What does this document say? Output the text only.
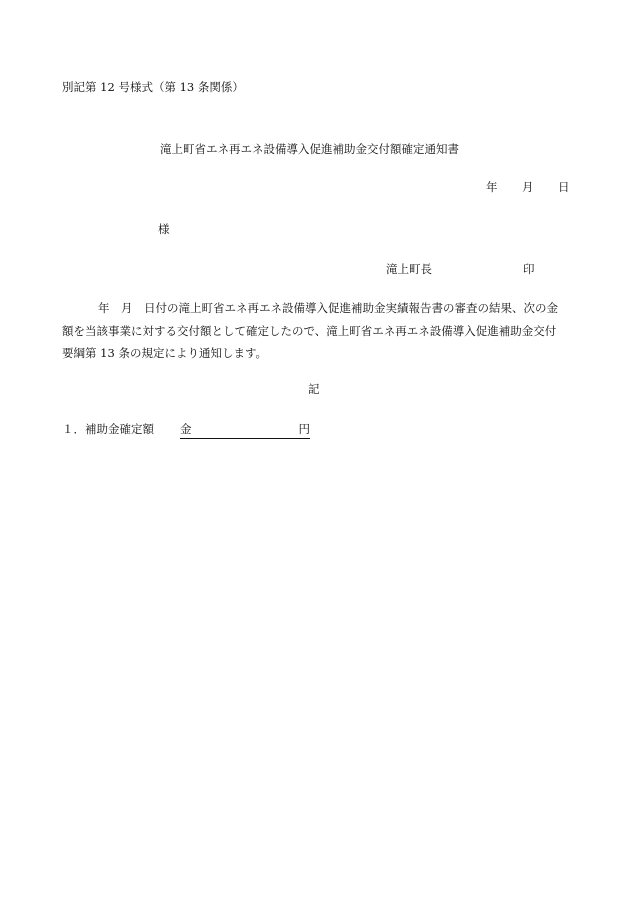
別記第 12 号様式（第 13 条関係）
滝上町省エネ再エネ設備導入促進補助金交付額確定通知書
年 月 日
様
滝上町長	印
年　月　日付の滝上町省エネ再エネ設備導入促進補助金実績報告書の審査の結果、次の金
額を当該事業に対する交付額として確定したので、滝上町省エネ再エネ設備導入促進補助金交付
要綱第 13 条の規定により通知します。
記
１．補助金確定額 金	円
